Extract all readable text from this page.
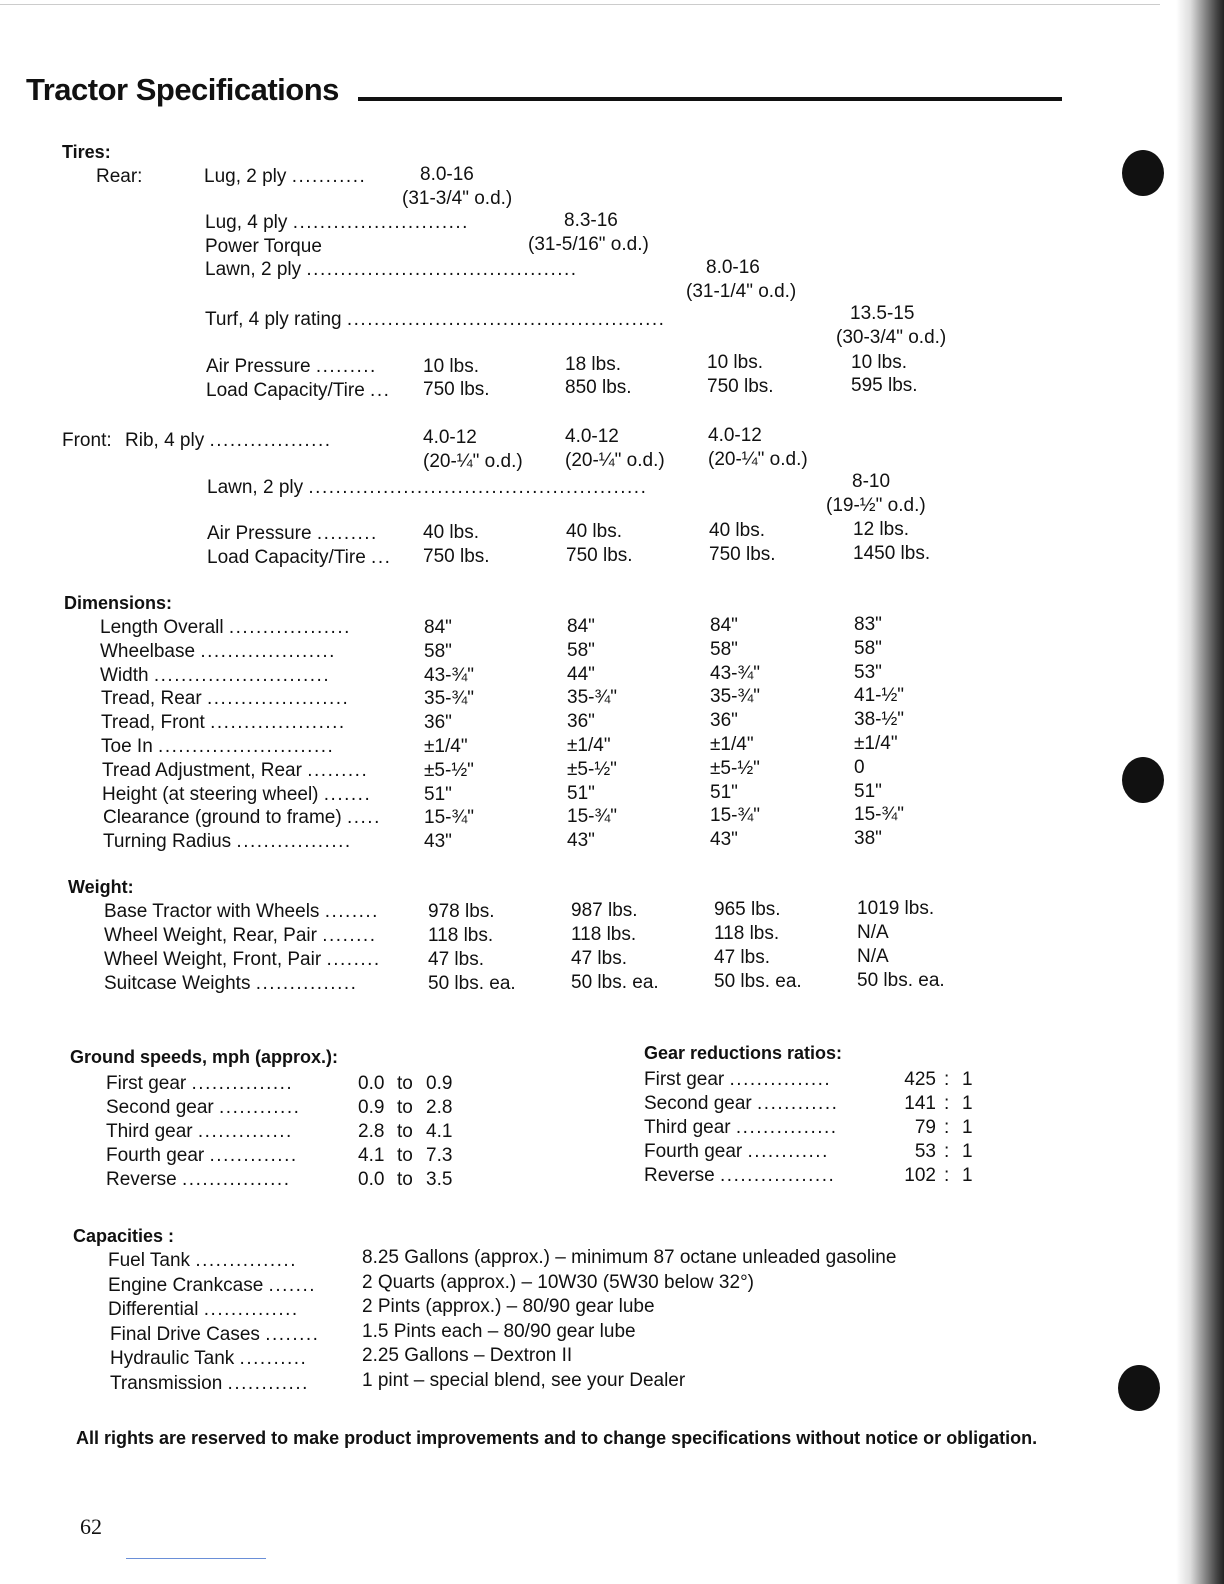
Tractor Specifications
Tires:
Rear:	Lug, 2 ply ...........	8.0-16
(31-3/4" o.d.)
Lug, 4 ply ..........................	8.3-16
Power Torque	(31-5/16" o.d.)
Lawn, 2 ply ........................................	8.0-16
(31-1/4" o.d.)
Turf, 4 ply rating ...............................................	13.5-15
(30-3/4" o.d.)
Air Pressure ......... 10 lbs.	18 lbs.	10 lbs.	10 lbs.
Load Capacity/Tire ... 750 lbs.	850 lbs.	750 lbs.	595 lbs.
Front: Rib, 4 ply ..................	4.0-12	4.0-12	4.0-12
(20-¼" o.d.) (20-¼" o.d.) (20-¼" o.d.)
Lawn, 2 ply ..................................................	8-10
(19-½" o.d.)
Air Pressure ......... 40 lbs.	40 lbs.	40 lbs.	12 lbs.
Load Capacity/Tire ... 750 lbs.	750 lbs.	750 lbs.	1450 lbs.
Dimensions:
Length Overall ..................	84"	84"	84"	83"
Wheelbase ....................	58"	58"	58"	58"
Width ..........................	43-¾"	44"	43-¾"	53"
Tread, Rear .....................	35-¾"	35-¾"	35-¾"	41-½"
Tread, Front ....................	36"	36"	36"	38-½"
Toe In ..........................	±1/4"	±1/4"	±1/4"	±1/4"
Tread Adjustment, Rear .........	±5-½"	±5-½"	±5-½"	0
Height (at steering wheel) .......	51"	51"	51"	51"
Clearance (ground to frame) ..... 15-¾"	15-¾"	15-¾"	15-¾"
Turning Radius .................	43"	43"	43"	38"
Weight:
Base Tractor with Wheels ........	978 lbs.	987 lbs.	965 lbs.	1019 lbs.
Wheel Weight, Rear, Pair ........	118 lbs.	118 lbs.	118 lbs.	N/A
Wheel Weight, Front, Pair ........ 47 lbs.	47 lbs.	47 lbs.	N/A
Suitcase Weights ...............	50 lbs. ea.	50 lbs. ea.	50 lbs. ea.	50 lbs. ea.
Ground speeds, mph (approx.):
First gear ...............	0.0 to 0.9
Second gear ............	0.9 to 2.8
Third gear ..............	2.8 to 4.1
Fourth gear .............	4.1 to 7.3
Reverse ................	0.0 to 3.5
Gear reductions ratios:
First gear ...............	425 : 1
Second gear ............	141 : 1
Third gear ...............	79 : 1
Fourth gear ............	53 : 1
Reverse .................	102 : 1
Capacities :
Fuel Tank ...............	8.25 Gallons (approx.) – minimum 87 octane unleaded gasoline
Engine Crankcase ....... 2 Quarts (approx.) – 10W30 (5W30 below 32°)
Differential ..............	2 Pints (approx.) – 80/90 gear lube
Final Drive Cases ........ 1.5 Pints each – 80/90 gear lube
Hydraulic Tank ..........	2.25 Gallons – Dextron II
Transmission ............	1 pint – special blend, see your Dealer
All rights are reserved to make product improvements and to change specifications without notice or obligation.
62
